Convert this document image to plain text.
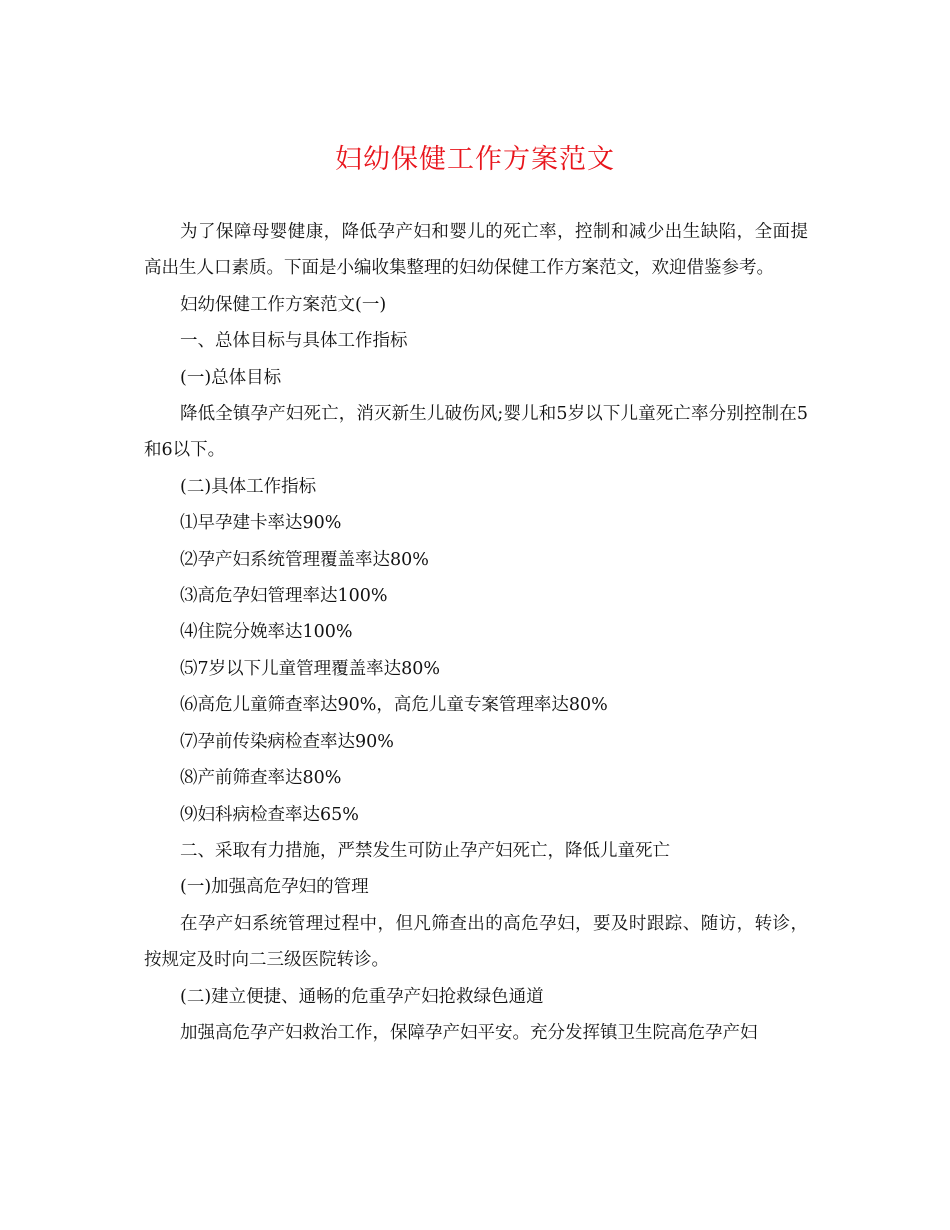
妇幼保健工作方案范文

为了保障母婴健康，降低孕产妇和婴儿的死亡率，控制和减少出生缺陷，全面提高出生人口素质。下面是小编收集整理的妇幼保健工作方案范文，欢迎借鉴参考。

妇幼保健工作方案范文(一)

一、总体目标与具体工作指标

(一)总体目标

降低全镇孕产妇死亡，消灭新生儿破伤风;婴儿和5岁以下儿童死亡率分别控制在5和6以下。

(二)具体工作指标

⑴早孕建卡率达90%

⑵孕产妇系统管理覆盖率达80%

⑶高危孕妇管理率达100%

⑷住院分娩率达100%

⑸7岁以下儿童管理覆盖率达80%

⑹高危儿童筛查率达90%，高危儿童专案管理率达80%

⑺孕前传染病检查率达90%

⑻产前筛查率达80%

⑼妇科病检查率达65%

二、采取有力措施，严禁发生可防止孕产妇死亡，降低儿童死亡

(一)加强高危孕妇的管理

在孕产妇系统管理过程中，但凡筛查出的高危孕妇，要及时跟踪、随访，转诊，按规定及时向二三级医院转诊。

(二)建立便捷、通畅的危重孕产妇抢救绿色通道

加强高危孕产妇救治工作，保障孕产妇平安。充分发挥镇卫生院高危孕产妇
